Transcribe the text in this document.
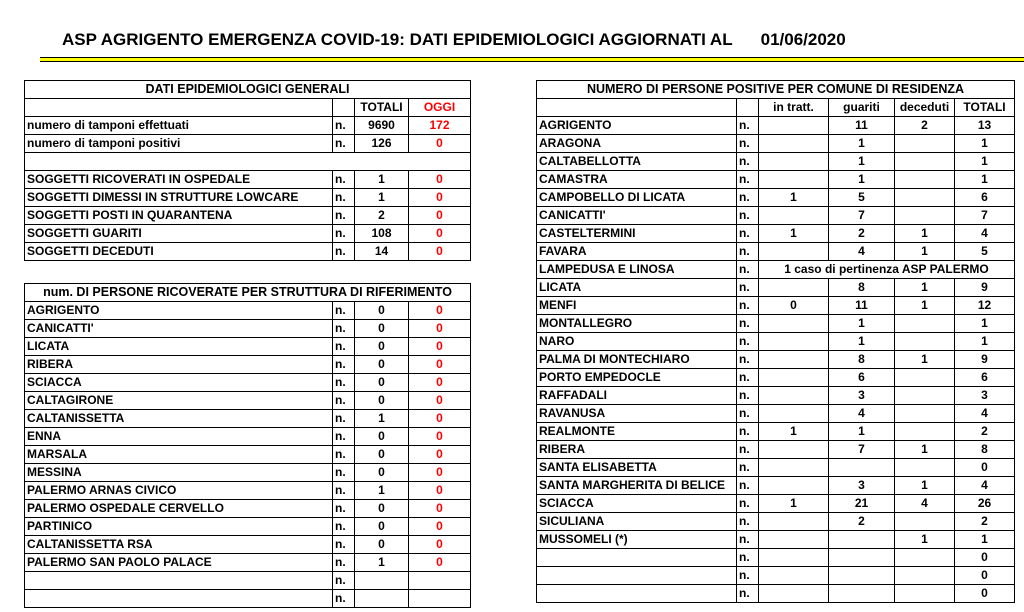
ASP AGRIGENTO EMERGENZA COVID-19: DATI EPIDEMIOLOGICI AGGIORNATI AL 01/06/2020
DATI EPIDEMIOLOGICI GENERALI			
		TOTALI	OGGI
numero di tamponi effettuati	n.	9690	172
numero di tamponi positivi	n.	126	0

SOGGETTI RICOVERATI IN OSPEDALE	n.	1	0
SOGGETTI DIMESSI IN STRUTTURE LOWCARE	n.	1	0
SOGGETTI POSTI IN QUARANTENA	n.	2	0
SOGGETTI GUARITI	n.	108	0
SOGGETTI DECEDUTI	n.	14	0
num. DI PERSONE RICOVERATE PER STRUTTURA DI RIFERIMENTO			
AGRIGENTO	n.	0	0
CANICATTI'	n.	0	0
LICATA	n.	0	0
RIBERA	n.	0	0
SCIACCA	n.	0	0
CALTAGIRONE	n.	0	0
CALTANISSETTA	n.	1	0
ENNA	n.	0	0
MARSALA	n.	0	0
MESSINA	n.	0	0
PALERMO ARNAS CIVICO	n.	1	0
PALERMO OSPEDALE CERVELLO	n.	0	0
PARTINICO	n.	0	0
CALTANISSETTA RSA	n.	0	0
PALERMO SAN PAOLO PALACE	n.	1	0
	n.		
	n.		
NUMERO DI PERSONE POSITIVE PER COMUNE DI RESIDENZA					
		in tratt.	guariti	deceduti	TOTALI
AGRIGENTO	n.		11	2	13
ARAGONA	n.		1		1
CALTABELLOTTA	n.		1		1
CAMASTRA	n.		1		1
CAMPOBELLO DI LICATA	n.	1	5		6
CANICATTI'	n.		7		7
CASTELTERMINI	n.	1	2	1	4
FAVARA	n.		4	1	5
LAMPEDUSA E LINOSA	n.	1 caso di pertinenza ASP PALERMO			
LICATA	n.		8	1	9
MENFI	n.	0	11	1	12
MONTALLEGRO	n.		1		1
NARO	n.		1		1
PALMA DI MONTECHIARO	n.		8	1	9
PORTO EMPEDOCLE	n.		6		6
RAFFADALI	n.		3		3
RAVANUSA	n.		4		4
REALMONTE	n.	1	1		2
RIBERA	n.		7	1	8
SANTA ELISABETTA	n.				0
SANTA MARGHERITA DI BELICE	n.		3	1	4
SCIACCA	n.	1	21	4	26
SICULIANA	n.		2		2
MUSSOMELI (*)	n.			1	1
	n.				0
	n.				0
	n.				0
